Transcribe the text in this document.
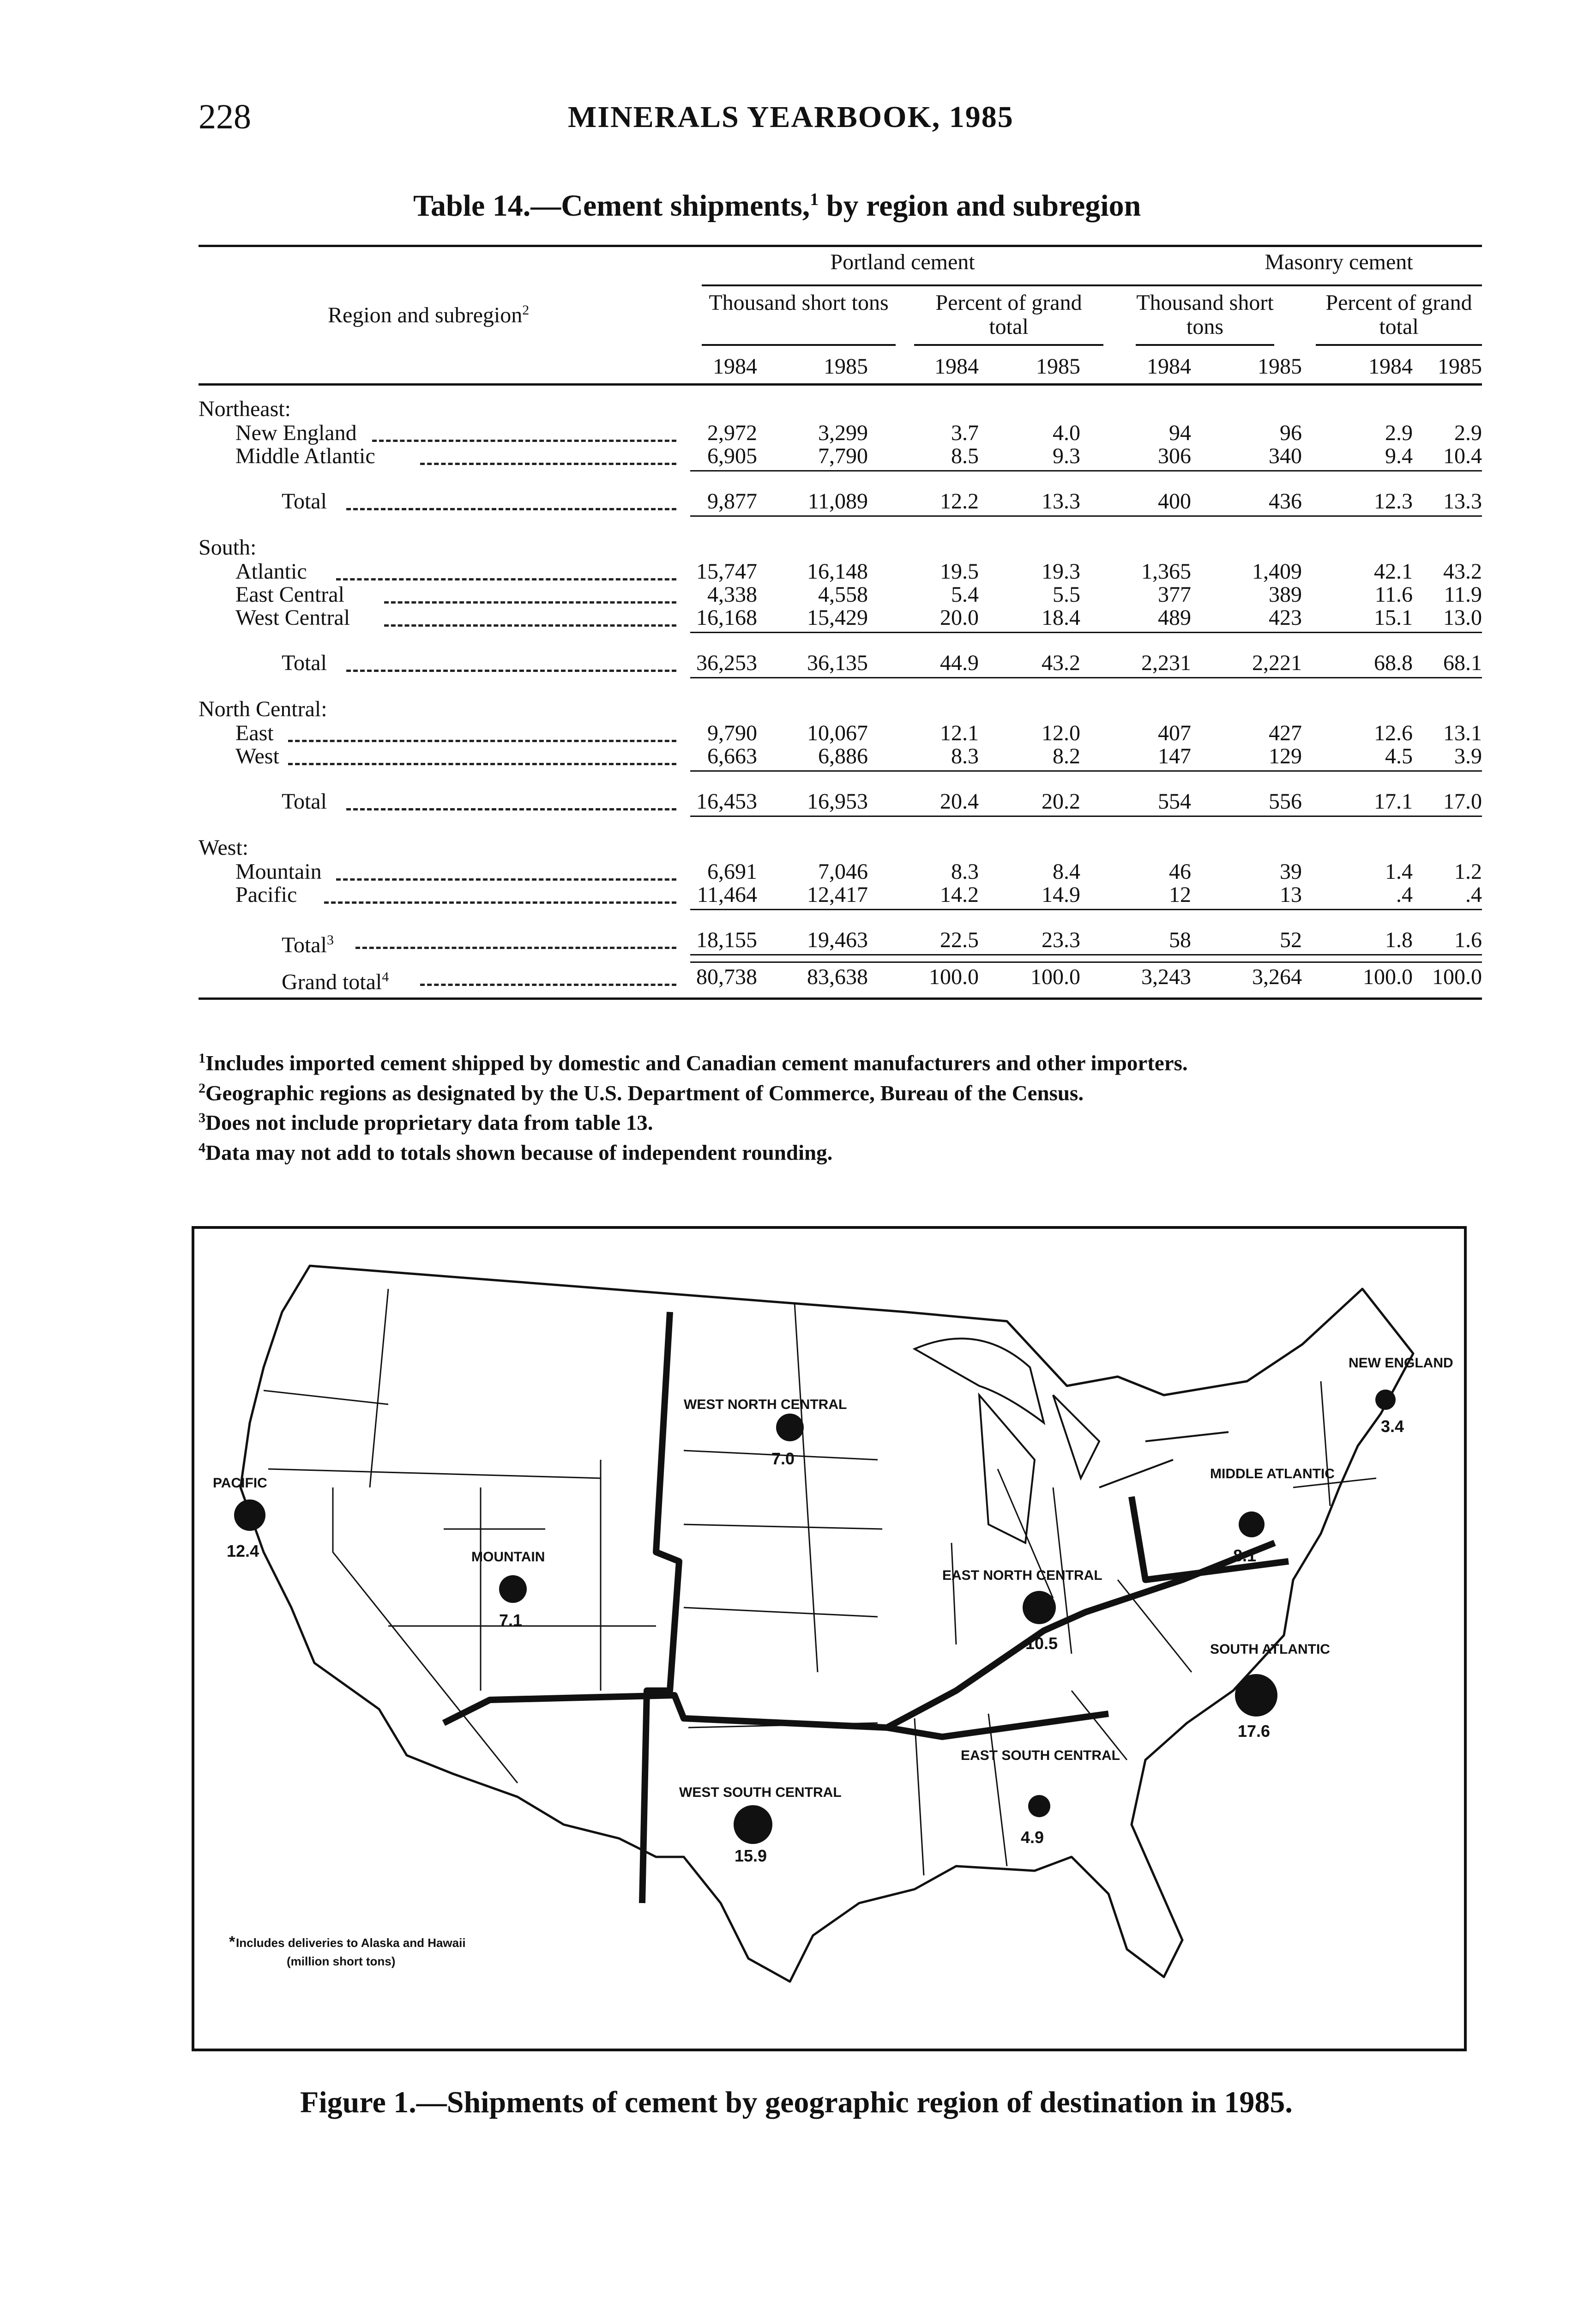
228	MINERALS YEARBOOK, 1985
Table 14.—Cement shipments,$^1$ by region and subregion
Portland cement	Masonry cement
Region and subregion$^2$	Thousand short tons	Percent of grand total
Thousand short tons
Percent of grand total
1984	1985	1984	1985	1984	1985	1984	1985
Northeast:
New England	2,972	3,299	3.7	4.0	94	96	2.9	2.9
Middle Atlantic	6,905	7,790	8.5	9.3	306	340	9.4	10.4
Total	9,877	11,089	12.2	13.3	400	436	12.3	13.3
South:
Atlantic	15,747	16,148	19.5	19.3	1,365	1,409	42.1	43.2
East Central	4,338	4,558	5.4	5.5	377	389	11.6	11.9
West Central	16,168	15,429	20.0	18.4	489	423	15.1	13.0
Total	36,253	36,135	44.9	43.2	2,231	2,221	68.8	68.1
North Central:
East	9,790	10,067	12.1	12.0	407	427	12.6	13.1
West	6,663	6,886	8.3	8.2	147	129	4.5	3.9
Total	16,453	16,953	20.4	20.2	554	556	17.1	17.0
West:
Mountain	6,691	7,046	8.3	8.4	46	39	1.4	1.2
Pacific	11,464	12,417	14.2	14.9	12	13	.4	.4
Total$^3$	18,155	19,463	22.5	23.3	58	52	1.8	1.6
Grand total$^4$	80,738	83,638	100.0	100.0	3,243	3,264	100.0 100.0
$^1$Includes imported cement shipped by domestic and Canadian cement manufacturers and other importers.
$^2$Geographic regions as designated by the U.S. Department of Commerce, Bureau of the Census.
$^3$Does not include proprietary data from table 13.
$^4$Data may not add to totals shown because of independent rounding.
PACIFIC
12.4	MOUNTAIN
7.1
WEST NORTH CENTRAL
7.0
WEST SOUTH CENTRAL
15.9
EAST NORTH CENTRAL
10.5
EAST SOUTH CENTRAL
4.9
SOUTH ATLANTIC
17.6
MIDDLE ATLANTIC
8.1
NEW ENGLAND
3.4
Includes deliveries to Alaska and Hawaii
(million short tons)
*
Figure 1.—Shipments of cement by geographic region of destination in 1985.
